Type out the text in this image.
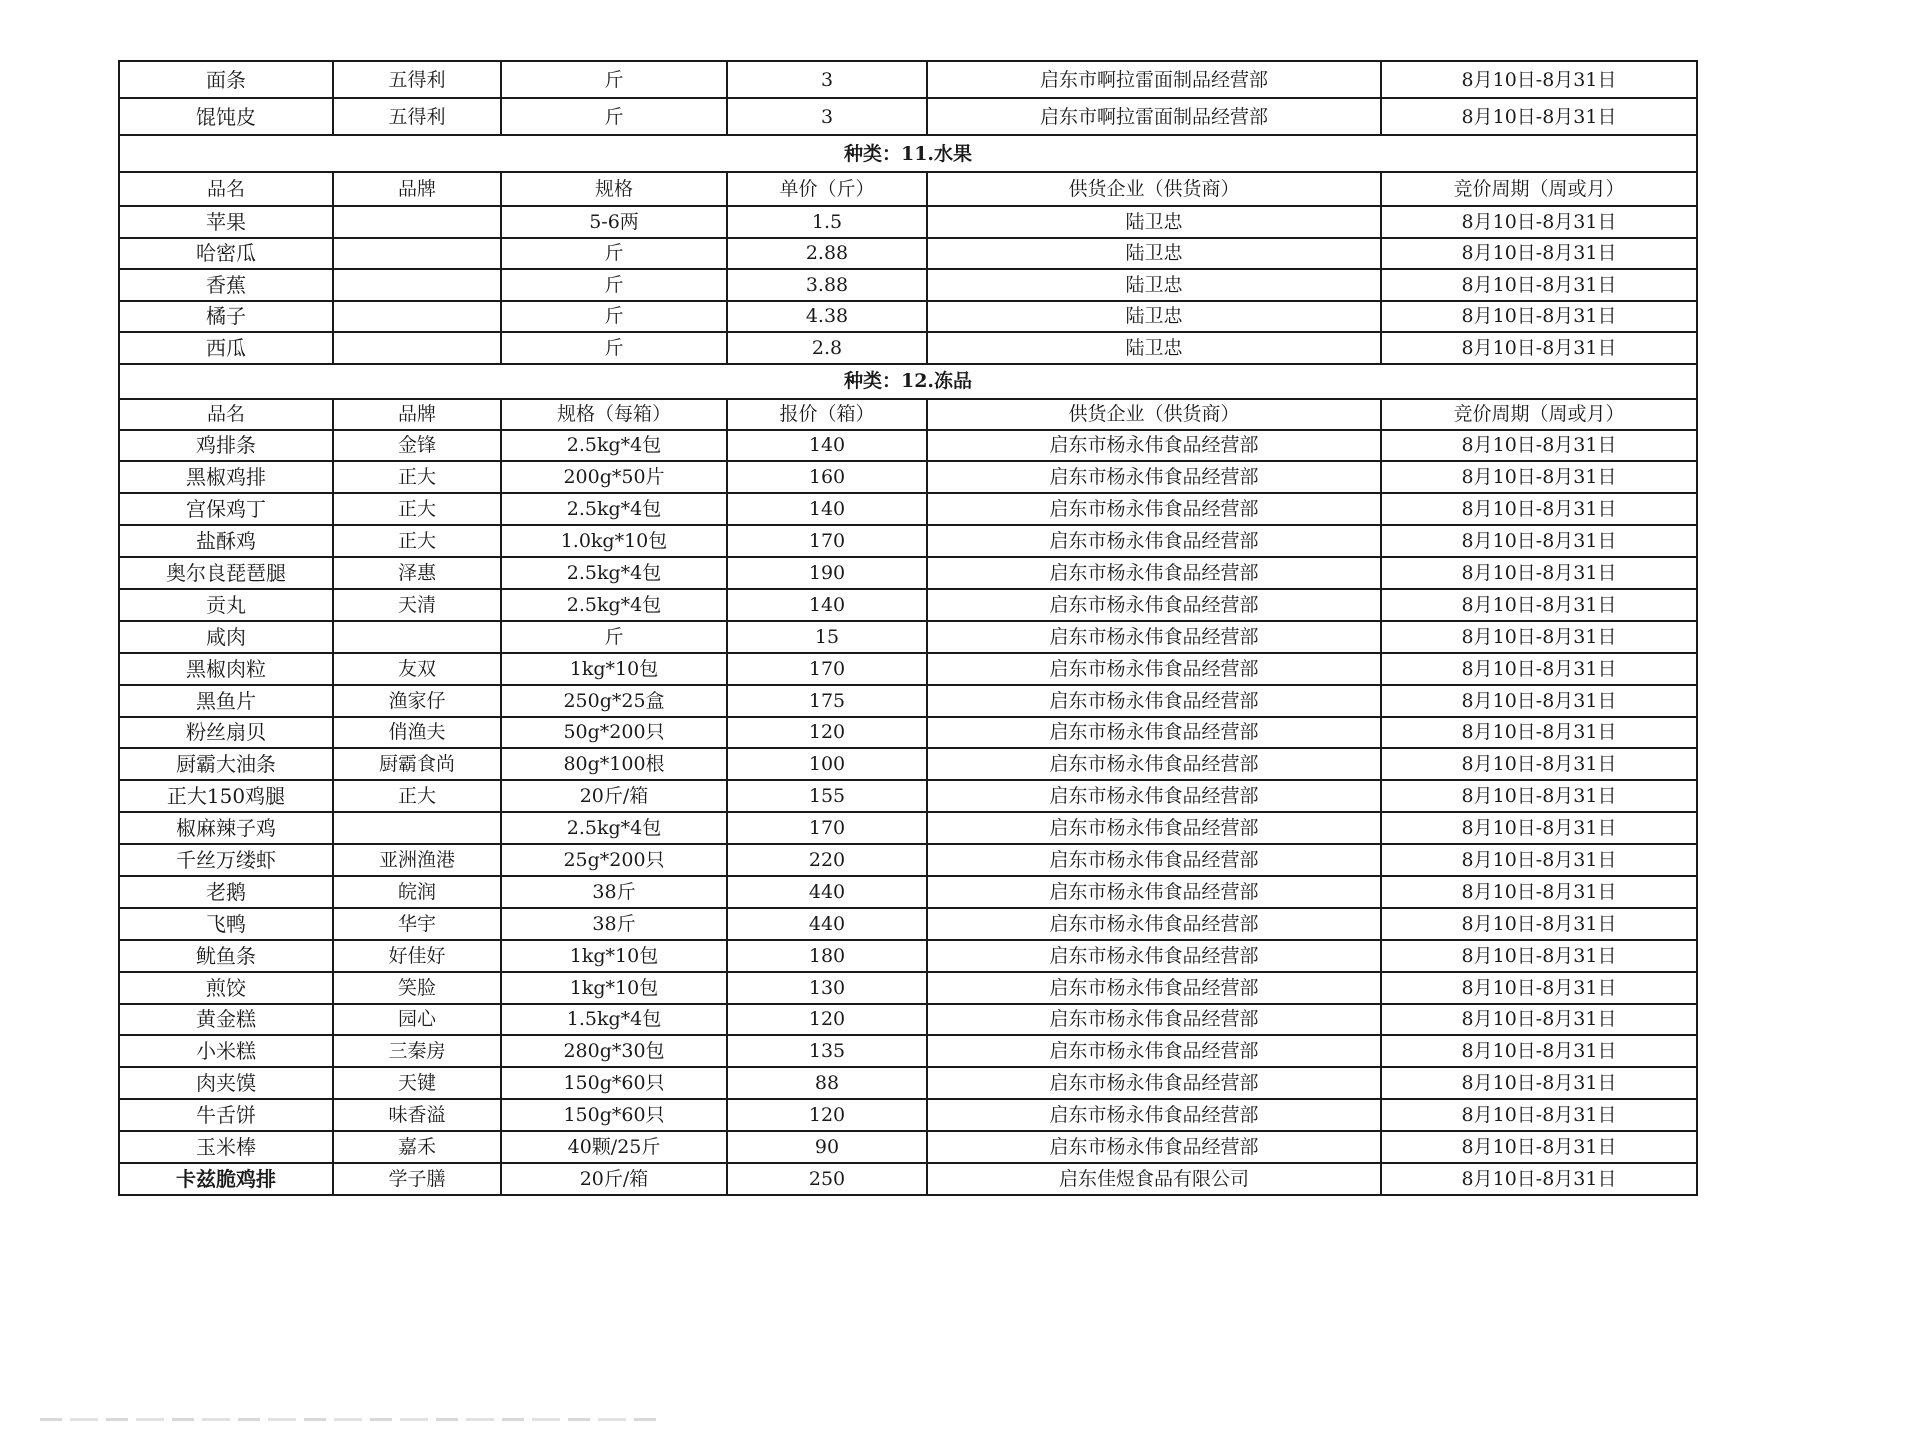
面条	五得利	斤	3	启东市啊拉雷面制品经营部	8月10日-8月31日
馄饨皮	五得利	斤	3	启东市啊拉雷面制品经营部	8月10日-8月31日
种类：11.水果					
品名	品牌	规格	单价（斤）	供货企业（供货商）	竞价周期（周或月）
苹果		5-6两	1.5	陆卫忠	8月10日-8月31日
哈密瓜		斤	2.88	陆卫忠	8月10日-8月31日
香蕉		斤	3.88	陆卫忠	8月10日-8月31日
橘子		斤	4.38	陆卫忠	8月10日-8月31日
西瓜		斤	2.8	陆卫忠	8月10日-8月31日
种类：12.冻品					
品名	品牌	规格（每箱）	报价（箱）	供货企业（供货商）	竞价周期（周或月）
鸡排条	金锋	2.5kg*4包	140	启东市杨永伟食品经营部	8月10日-8月31日
黑椒鸡排	正大	200g*50片	160	启东市杨永伟食品经营部	8月10日-8月31日
宫保鸡丁	正大	2.5kg*4包	140	启东市杨永伟食品经营部	8月10日-8月31日
盐酥鸡	正大	1.0kg*10包	170	启东市杨永伟食品经营部	8月10日-8月31日
奥尔良琵琶腿	泽惠	2.5kg*4包	190	启东市杨永伟食品经营部	8月10日-8月31日
贡丸	天清	2.5kg*4包	140	启东市杨永伟食品经营部	8月10日-8月31日
咸肉		斤	15	启东市杨永伟食品经营部	8月10日-8月31日
黑椒肉粒	友双	1kg*10包	170	启东市杨永伟食品经营部	8月10日-8月31日
黑鱼片	渔家仔	250g*25盒	175	启东市杨永伟食品经营部	8月10日-8月31日
粉丝扇贝	俏渔夫	50g*200只	120	启东市杨永伟食品经营部	8月10日-8月31日
厨霸大油条	厨霸食尚	80g*100根	100	启东市杨永伟食品经营部	8月10日-8月31日
正大150鸡腿	正大	20斤/箱	155	启东市杨永伟食品经营部	8月10日-8月31日
椒麻辣子鸡		2.5kg*4包	170	启东市杨永伟食品经营部	8月10日-8月31日
千丝万缕虾	亚洲渔港	25g*200只	220	启东市杨永伟食品经营部	8月10日-8月31日
老鹅	皖润	38斤	440	启东市杨永伟食品经营部	8月10日-8月31日
飞鸭	华宇	38斤	440	启东市杨永伟食品经营部	8月10日-8月31日
鱿鱼条	好佳好	1kg*10包	180	启东市杨永伟食品经营部	8月10日-8月31日
煎饺	笑脸	1kg*10包	130	启东市杨永伟食品经营部	8月10日-8月31日
黄金糕	园心	1.5kg*4包	120	启东市杨永伟食品经营部	8月10日-8月31日
小米糕	三秦房	280g*30包	135	启东市杨永伟食品经营部	8月10日-8月31日
肉夹馍	天键	150g*60只	88	启东市杨永伟食品经营部	8月10日-8月31日
牛舌饼	味香溢	150g*60只	120	启东市杨永伟食品经营部	8月10日-8月31日
玉米棒	嘉禾	40颗/25斤	90	启东市杨永伟食品经营部	8月10日-8月31日
卡兹脆鸡排	学子膳	20斤/箱	250	启东佳煜食品有限公司	8月10日-8月31日
